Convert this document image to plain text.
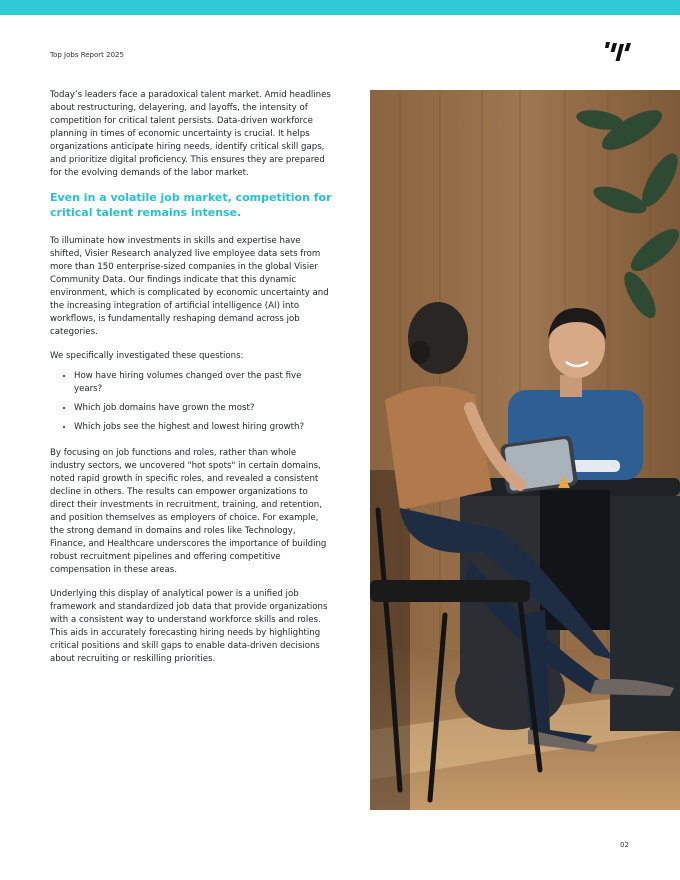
Top Jobs Report 2025

Today’s leaders face a paradoxical talent market. Amid headlines about restructuring, delayering, and layoffs, the intensity of competition for critical talent persists. Data-driven workforce planning in times of economic uncertainty is crucial. It helps organizations anticipate hiring needs, identify critical skill gaps, and prioritize digital proficiency. This ensures they are prepared for the evolving demands of the labor market.

Even in a volatile job market, competition for critical talent remains intense.

To illuminate how investments in skills and expertise have shifted, Visier Research analyzed live employee data sets from more than 150 enterprise-sized companies in the global Visier Community Data. Our findings indicate that this dynamic environment, which is complicated by economic uncertainty and the increasing integration of artificial intelligence (AI) into workflows, is fundamentally reshaping demand across job categories.

We specifically investigated these questions:

• How have hiring volumes changed over the past five years?
• Which job domains have grown the most?
• Which jobs see the highest and lowest hiring growth?

By focusing on job functions and roles, rather than whole industry sectors, we uncovered "hot spots" in certain domains, noted rapid growth in specific roles, and revealed a consistent decline in others. The results can empower organizations to direct their investments in recruitment, training, and retention, and position themselves as employers of choice. For example, the strong demand in domains and roles like Technology, Finance, and Healthcare underscores the importance of building robust recruitment pipelines and offering competitive compensation in these areas.

Underlying this display of analytical power is a unified job framework and standardized job data that provide organizations with a consistent way to understand workforce skills and roles. This aids in accurately forecasting hiring needs by highlighting critical positions and skill gaps to enable data-driven decisions about recruiting or reskilling priorities.

02
